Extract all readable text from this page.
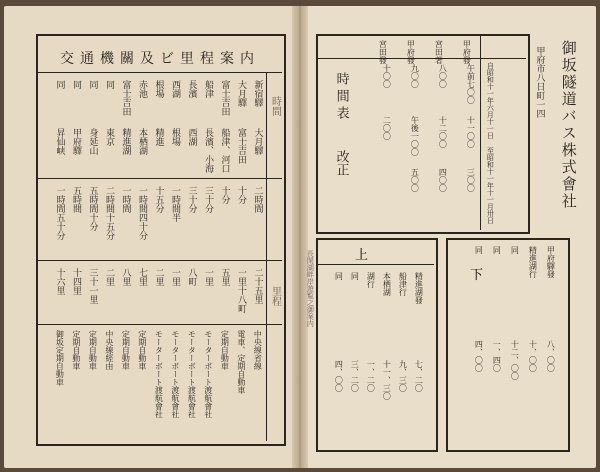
交通機關及ビ里程案内
時間
里程
新宿驛
大月驛
二時間
二十五里
中央線省線
大月驛
富士吉田
十分
一里十八町
電車、定期自動車
富士吉田
船津、河口
十分
五里
定期自動車
船津
長濱、小海
三十分
一里
モーターボート渡航會社
長濱
西湖
三十分
八町
モーターボート渡航會社
西湖
根場
一時間半
一里
モーターボート渡航會社
根場
精進
十五分
二里
モーターボート渡航會社
赤池
本栖湖
一時間四十分
七里
定期自動車
富士吉田
精進湖
一時間
八里
定期自動車
同
東京
二時間十五分
二里
中央線經由
同
身延山
五時間十分
三十一里
定期自動車
同
甲府驛
五時間
十四里
定期自動車
同
昇仙峡
一時間五十分
十六里
御坂定期自動車
御坂隧道バス株式會社
甲府市八日町一四
時間表
改正	自昭和十一年六月十一日 至昭和十一年十一月卅日
甲府發
宮田著
甲府發
宮田發
午前七〇〇
八〇〇
九〇〇
十〇〇
十一〇〇
十二〇〇
午後一〇〇
二〇〇
三〇〇
四〇〇
五〇〇
上
下
長閑湖畔岸遊覧之御案内	精進湖發
船津行
本栖湖
湖行
同
同
七、二〇
九、三〇
十一、三〇
一、二〇
三、二〇
四、〇〇
甲府驛發
精進湖行
同
同
同
八、〇〇
十、〇〇
十二、〇〇
一、四〇
四、〇〇
